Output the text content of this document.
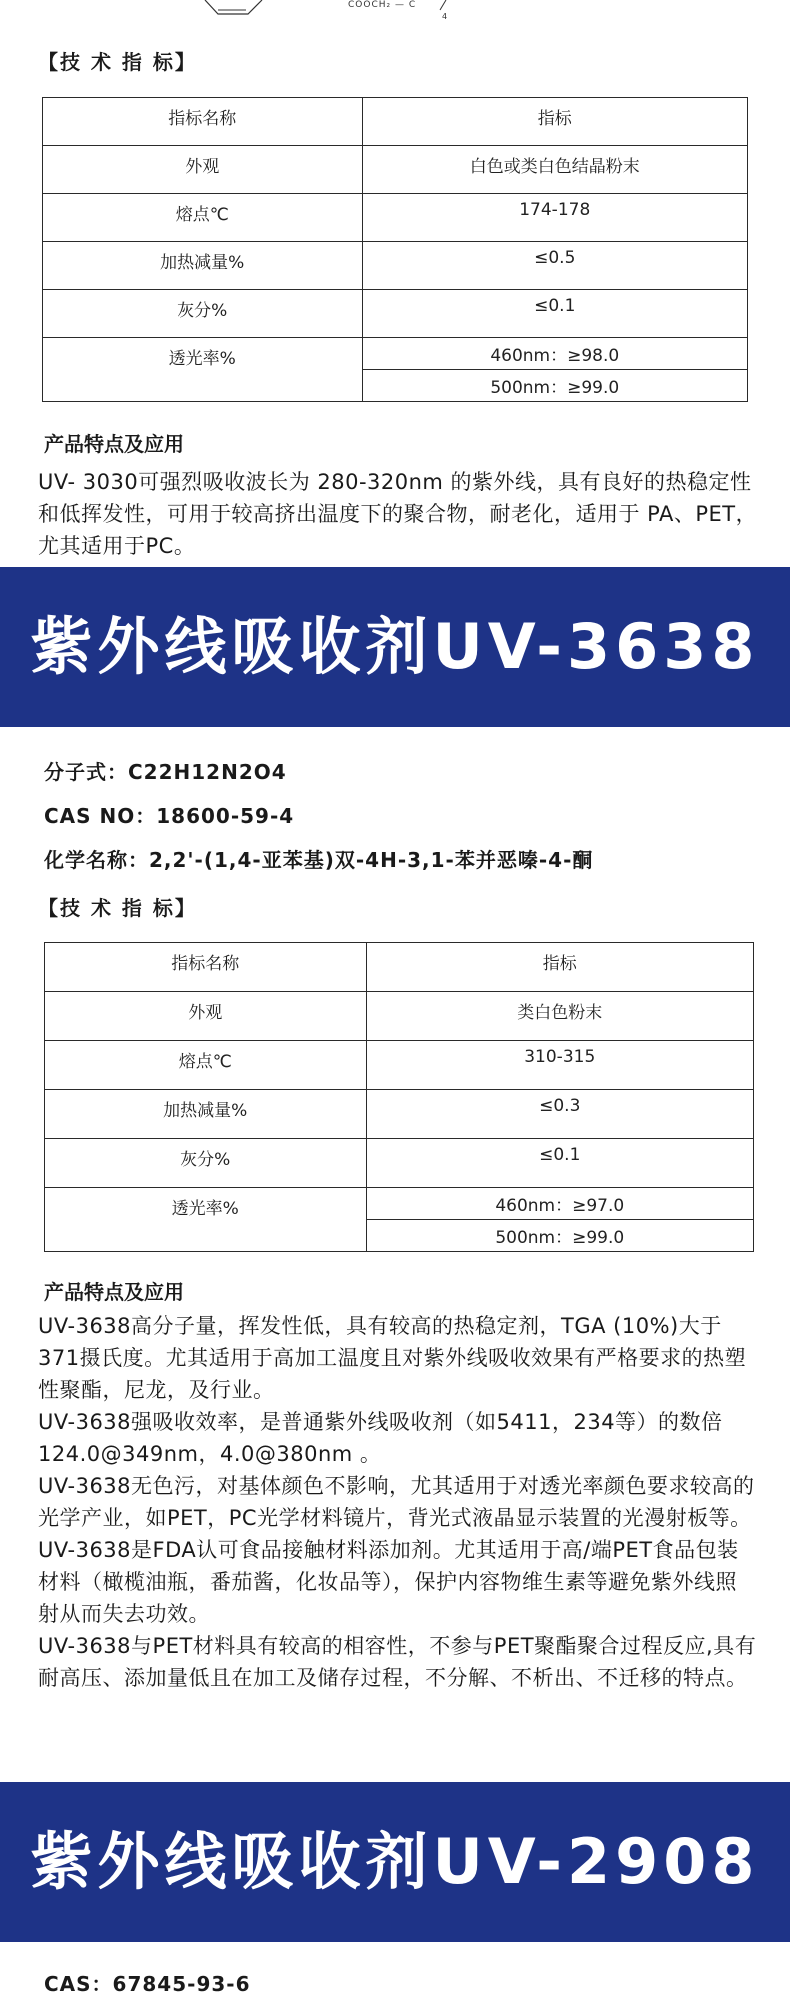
COOCH₂ — C
4
【技 术 指 标】
指标名称	指标
外观	白色或类白色结晶粉末
熔点℃	174-178
加热减量%	≤0.5
灰分%	≤0.1
透光率%	460nm：≥98.0
	500nm：≥99.0
产品特点及应用

UV- 3030可强烈吸收波长为 280-320nm 的紫外线，具有良好的热稳定性和低挥发性，可用于较高挤出温度下的聚合物，耐老化，适用于 PA、PET，尤其适用于PC。

紫外线吸收剂UV-3638
分子式：C22H12N2O4
CAS NO：18600-59-4
化学名称：2,2'-(1,4-亚苯基)双-4H-3,1-苯并恶嗪-4-酮
【技 术 指 标】
指标名称	指标
外观	类白色粉末
熔点℃	310-315
加热减量%	≤0.3
灰分%	≤0.1
透光率%	460nm：≥97.0
	500nm：≥99.0
产品特点及应用

UV-3638高分子量，挥发性低，具有较高的热稳定剂，TGA (10%)大于371摄氏度。尤其适用于高加工温度且对紫外线吸收效果有严格要求的热塑性聚酯，尼龙，及行业。

UV-3638强吸收效率，是普通紫外线吸收剂（如5411，234等）的数倍124.0@349nm，4.0@380nm 。

UV-3638无色污，对基体颜色不影响，尤其适用于对透光率颜色要求较高的光学产业，如PET，PC光学材料镜片，背光式液晶显示装置的光漫射板等。

UV-3638是FDA认可食品接触材料添加剂。尤其适用于高/端PET食品包装材料（橄榄油瓶，番茄酱，化妆品等），保护内容物维生素等避免紫外线照射从而失去功效。

UV-3638与PET材料具有较高的相容性，不参与PET聚酯聚合过程反应,具有耐高压、添加量低且在加工及储存过程，不分解、不析出、不迁移的特点。

紫外线吸收剂UV-2908
CAS：67845-93-6
